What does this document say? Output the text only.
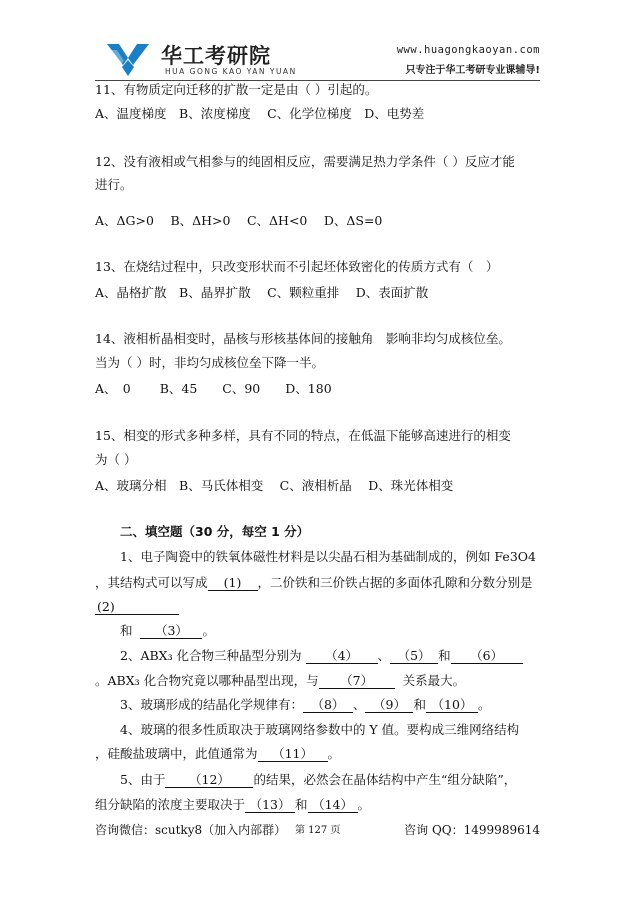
华工考研院
HUA GONG KAO YAN YUAN
www.huagongkaoyan.com
只专注于华工考研专业课辅导!
11、有物质定向迁移的扩散一定是由（ ）引起的。
A、温度梯度　B、浓度梯度　 C、化学位梯度　D、电势差
12、没有液相或气相参与的纯固相反应，需要满足热力学条件（ ）反应才能
进行。
A、ΔG>0　 B、ΔH>0　 C、ΔH<0　 D、ΔS=0
13、在烧结过程中，只改变形状而不引起坯体致密化的传质方式有（　）
A、晶格扩散　B、晶界扩散　 C、颗粒重排　 D、表面扩散
14、液相析晶相变时，晶核与形核基体间的接触角　影响非均匀成核位垒。
当为（ ）时，非均匀成核位垒下降一半。
A、　0　　 B、45　　C、90　　D、180
15、相变的形式多种多样，具有不同的特点，在低温下能够高速进行的相变
为（ ）
A、玻璃分相　B、马氏体相变　 C、液相析晶　 D、珠光体相变
二、填空题（30 分，每空 1 分）
1、电子陶瓷中的铁氧体磁性材料是以尖晶石相为基础制成的，例如 Fe3O4
，其结构式可以写成 (1) ，二价铁和三价铁占据的多面体孔隙和分数分别是
(2)
和 （3） 。
2、ABX₃ 化合物三种晶型分别为 （4） 、 （5） 和 （6）
。ABX₃ 化合物究竟以哪种晶型出现，与 （7） 关系最大。
3、玻璃形成的结晶化学规律有： （8） 、 （9） 和 （10） 。
4、玻璃的很多性质取决于玻璃网络参数中的 Y 值。要构成三维网络结构
，硅酸盐玻璃中，此值通常为 （11） 。
5、由于 （12） 的结果，必然会在晶体结构中产生“组分缺陷”，
组分缺陷的浓度主要取决于 （13） 和 （14） 。
咨询微信：scutky8（加入内部群） 第 127 页	咨询 QQ：1499989614
